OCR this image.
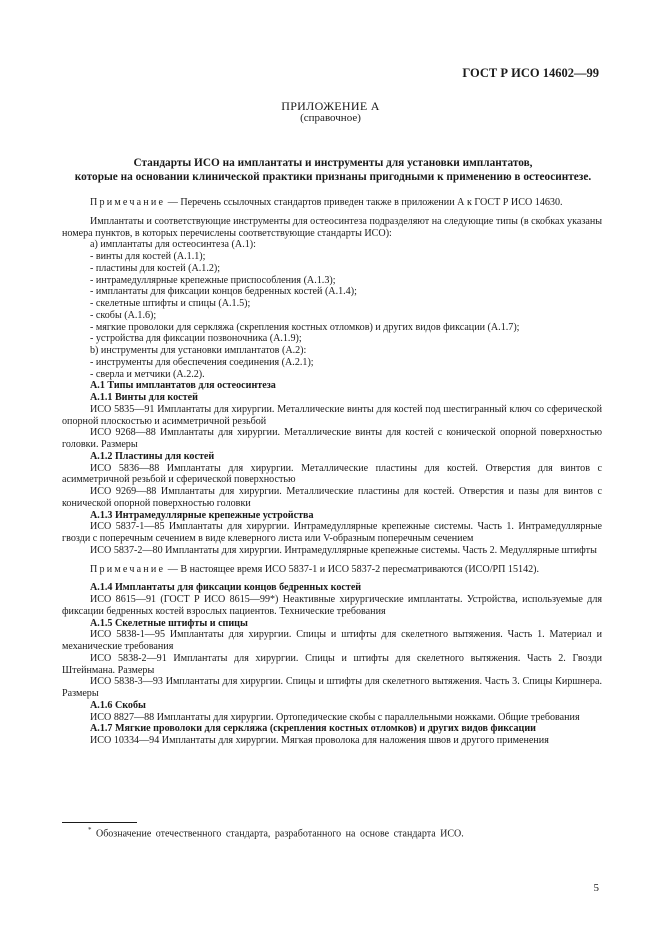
ГОСТ Р ИСО 14602—99
ПРИЛОЖЕНИЕ А
(справочное)
Стандарты ИСО на имплантаты и инструменты для установки имплантатов,
которые на основании клинической практики признаны пригодными к применению в остеосинтезе.

Примечание — Перечень ссылочных стандартов приведен также в приложении А к ГОСТ Р ИСО 14630.

Имплантаты и соответствующие инструменты для остеосинтеза подразделяют на следующие типы (в скобках указаны номера пунктов, в которых перечислены соответствующие стандарты ИСО):

а) имплантаты для остеосинтеза (А.1):

- винты для костей (А.1.1);

- пластины для костей (А.1.2);

- интрамедуллярные крепежные приспособления (А.1.3);

- имплантаты для фиксации концов бедренных костей (А.1.4);

- скелетные штифты и спицы (А.1.5);

- скобы (А.1.6);

- мягкие проволоки для серкляжа (скрепления костных отломков) и других видов фиксации (А.1.7);

- устройства для фиксации позвоночника (А.1.9);

b) инструменты для установки имплантатов (А.2):

- инструменты для обеспечения соединения (А.2.1);

- сверла и метчики (А.2.2).

А.1 Типы имплантатов для остеосинтеза

А.1.1 Винты для костей

ИСО 5835—91 Имплантаты для хирургии. Металлические винты для костей под шестигранный ключ со сферической опорной плоскостью и асимметричной резьбой

ИСО 9268—88 Имплантаты для хирургии. Металлические винты для костей с конической опорной поверхностью головки. Размеры

А.1.2 Пластины для костей

ИСО 5836—88 Имплантаты для хирургии. Металлические пластины для костей. Отверстия для винтов с асимметричной резьбой и сферической поверхностью

ИСО 9269—88 Имплантаты для хирургии. Металлические пластины для костей. Отверстия и пазы для винтов с конической опорной поверхностью головки

А.1.3 Интрамедуллярные крепежные устройства

ИСО 5837-1—85 Имплантаты для хирургии. Интрамедуллярные крепежные системы. Часть 1. Интрамедуллярные гвозди с поперечным сечением в виде клеверного листа или V-образным поперечным сечением

ИСО 5837-2—80 Имплантаты для хирургии. Интрамедуллярные крепежные системы. Часть 2. Медуллярные штифты

Примечание — В настоящее время ИСО 5837-1 и ИСО 5837-2 пересматриваются (ИСО/РП 15142).

А.1.4 Имплантаты для фиксации концов бедренных костей

ИСО 8615—91 (ГОСТ Р ИСО 8615—99*) Неактивные хирургические имплантаты. Устройства, используемые для фиксации бедренных костей взрослых пациентов. Технические требования

А.1.5 Скелетные штифты и спицы

ИСО 5838-1—95 Имплантаты для хирургии. Спицы и штифты для скелетного вытяжения. Часть 1. Материал и механические требования

ИСО 5838-2—91 Имплантаты для хирургии. Спицы и штифты для скелетного вытяжения. Часть 2. Гвозди Штейнмана. Размеры

ИСО 5838-3—93 Имплантаты для хирургии. Спицы и штифты для скелетного вытяжения. Часть 3. Спицы Киршнера. Размеры

А.1.6 Скобы

ИСО 8827—88 Имплантаты для хирургии. Ортопедические скобы с параллельными ножками. Общие требования

А.1.7 Мягкие проволоки для серкляжа (скрепления костных отломков) и других видов фиксации

ИСО 10334—94 Имплантаты для хирургии. Мягкая проволока для наложения швов и другого применения

* Обозначение отечественного стандарта, разработанного на основе стандарта ИСО.
5
